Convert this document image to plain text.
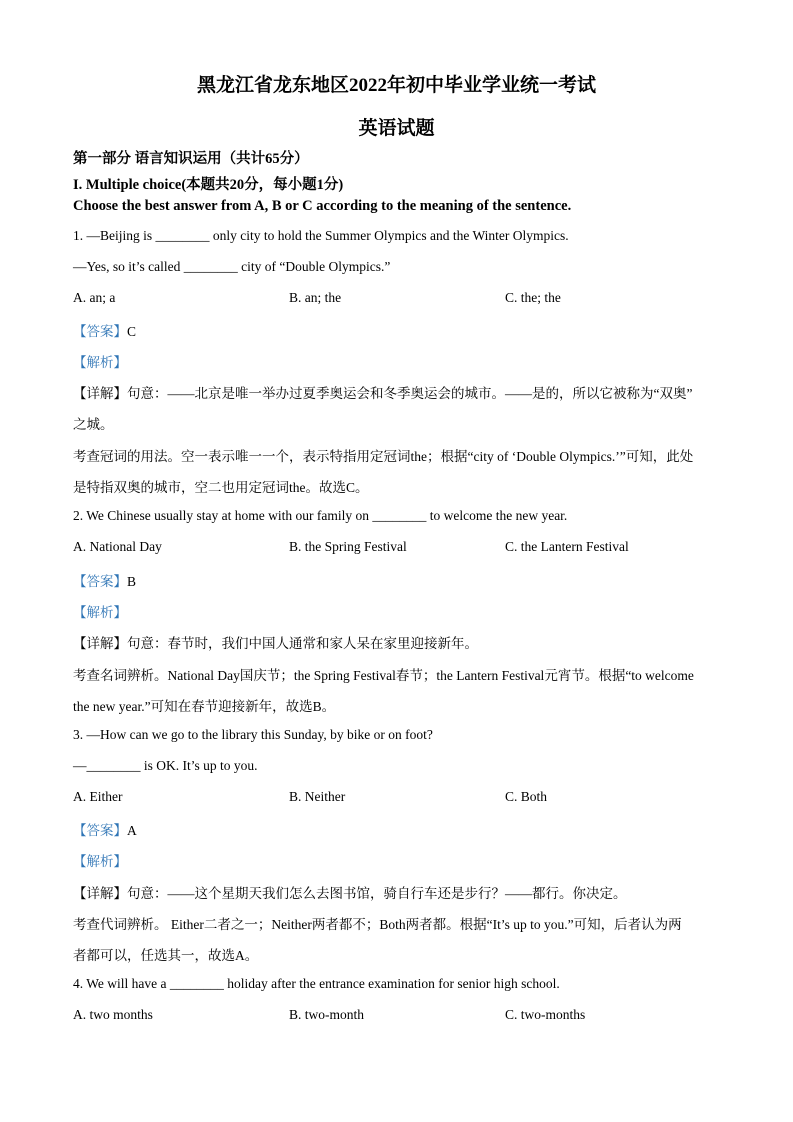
黑龙江省龙东地区2022年初中毕业学业统一考试
英语试题
第一部分 语言知识运用（共计65分）
I. Multiple choice(本题共20分，每小题1分)
Choose the best answer from A, B or C according to the meaning of the sentence.
1. —Beijing is ________ only city to hold the Summer Olympics and the Winter Olympics.
—Yes, so it’s called ________ city of “Double Olympics.”
A. an; a	B. an; the	C. the; the
【答案】C
【解析】
【详解】句意：——北京是唯一举办过夏季奥运会和冬季奥运会的城市。——是的，所以它被称为“双奥”
之城。
考查冠词的用法。空一表示唯一一个，表示特指用定冠词the；根据“city of ‘Double Olympics.’”可知，此处
是特指双奥的城市，空二也用定冠词the。故选C。
2. We Chinese usually stay at home with our family on ________ to welcome the new year.
A. National Day	B. the Spring Festival	C. the Lantern Festival
【答案】B
【解析】
【详解】句意：春节时，我们中国人通常和家人呆在家里迎接新年。
考查名词辨析。National Day国庆节；the Spring Festival春节；the Lantern Festival元宵节。根据“to welcome
the new year.”可知在春节迎接新年，故选B。
3. —How can we go to the library this Sunday, by bike or on foot?
—________ is OK. It’s up to you.
A. Either	B. Neither	C. Both
【答案】A
【解析】
【详解】句意：——这个星期天我们怎么去图书馆，骑自行车还是步行？——都行。你决定。
考查代词辨析。 Either二者之一；Neither两者都不；Both两者都。根据“It’s up to you.”可知，后者认为两
者都可以，任选其一，故选A。
4. We will have a ________ holiday after the entrance examination for senior high school.
A. two months	B. two-month	C. two-months
